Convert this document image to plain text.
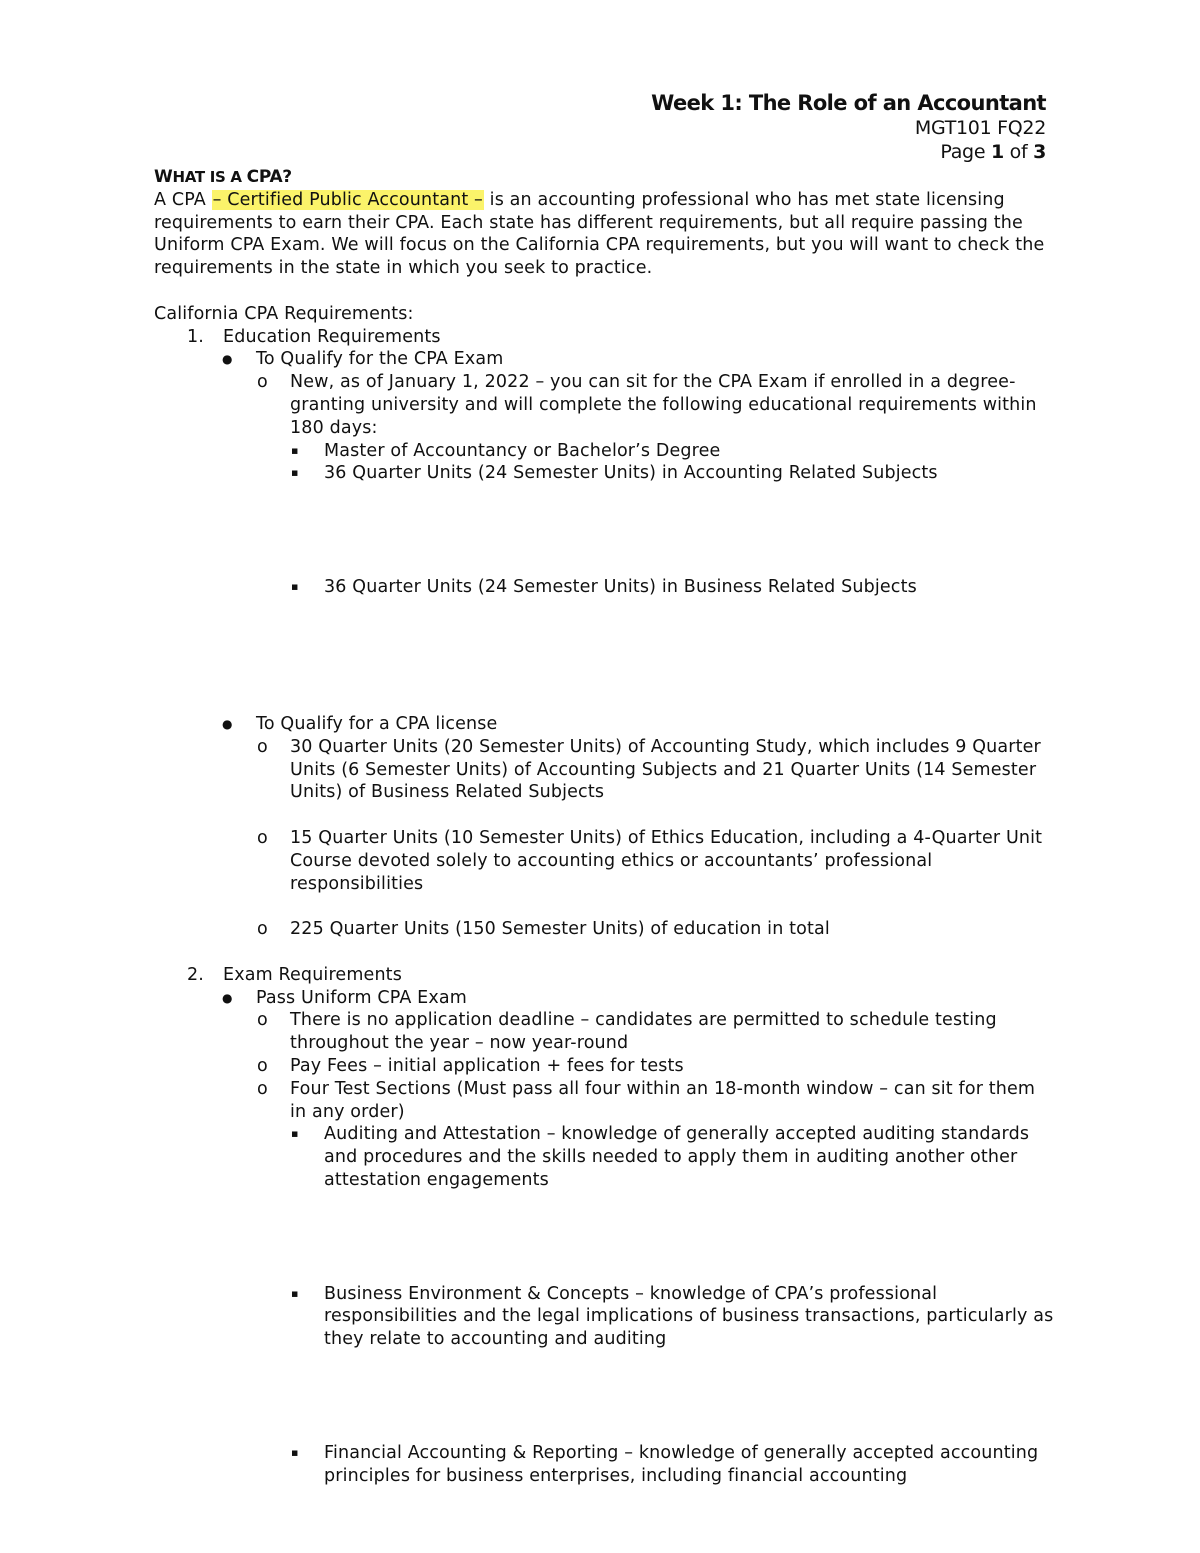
Week 1: The Role of an Accountant
MGT101 FQ22
Page 1 of 3
WHAT IS A CPA?

A CPA – Certified Public Accountant – is an accounting professional who has met state licensing requirements to earn their CPA. Each state has different requirements, but all require passing the Uniform CPA Exam. We will focus on the California CPA requirements, but you will want to check the requirements in the state in which you seek to practice.

California CPA Requirements:

1. Education Requirements
● To Qualify for the CPA Exam
o New, as of January 1, 2022 – you can sit for the CPA Exam if enrolled in a degree-granting university and will complete the following educational requirements within 180 days:
▪ Master of Accountancy or Bachelor’s Degree
▪ 36 Quarter Units (24 Semester Units) in Accounting Related Subjects
▪ 36 Quarter Units (24 Semester Units) in Business Related Subjects
● To Qualify for a CPA license
o 30 Quarter Units (20 Semester Units) of Accounting Study, which includes 9 Quarter Units (6 Semester Units) of Accounting Subjects and 21 Quarter Units (14 Semester Units) of Business Related Subjects
o 15 Quarter Units (10 Semester Units) of Ethics Education, including a 4-Quarter Unit Course devoted solely to accounting ethics or accountants’ professional responsibilities
o 225 Quarter Units (150 Semester Units) of education in total
2. Exam Requirements
● Pass Uniform CPA Exam
o There is no application deadline – candidates are permitted to schedule testing throughout the year – now year-round
o Pay Fees – initial application + fees for tests
o Four Test Sections (Must pass all four within an 18-month window – can sit for them in any order)
▪ Auditing and Attestation – knowledge of generally accepted auditing standards and procedures and the skills needed to apply them in auditing another other attestation engagements
▪ Business Environment & Concepts – knowledge of CPA’s professional responsibilities and the legal implications of business transactions, particularly as they relate to accounting and auditing
▪ Financial Accounting & Reporting – knowledge of generally accepted accounting principles for business enterprises, including financial accounting
